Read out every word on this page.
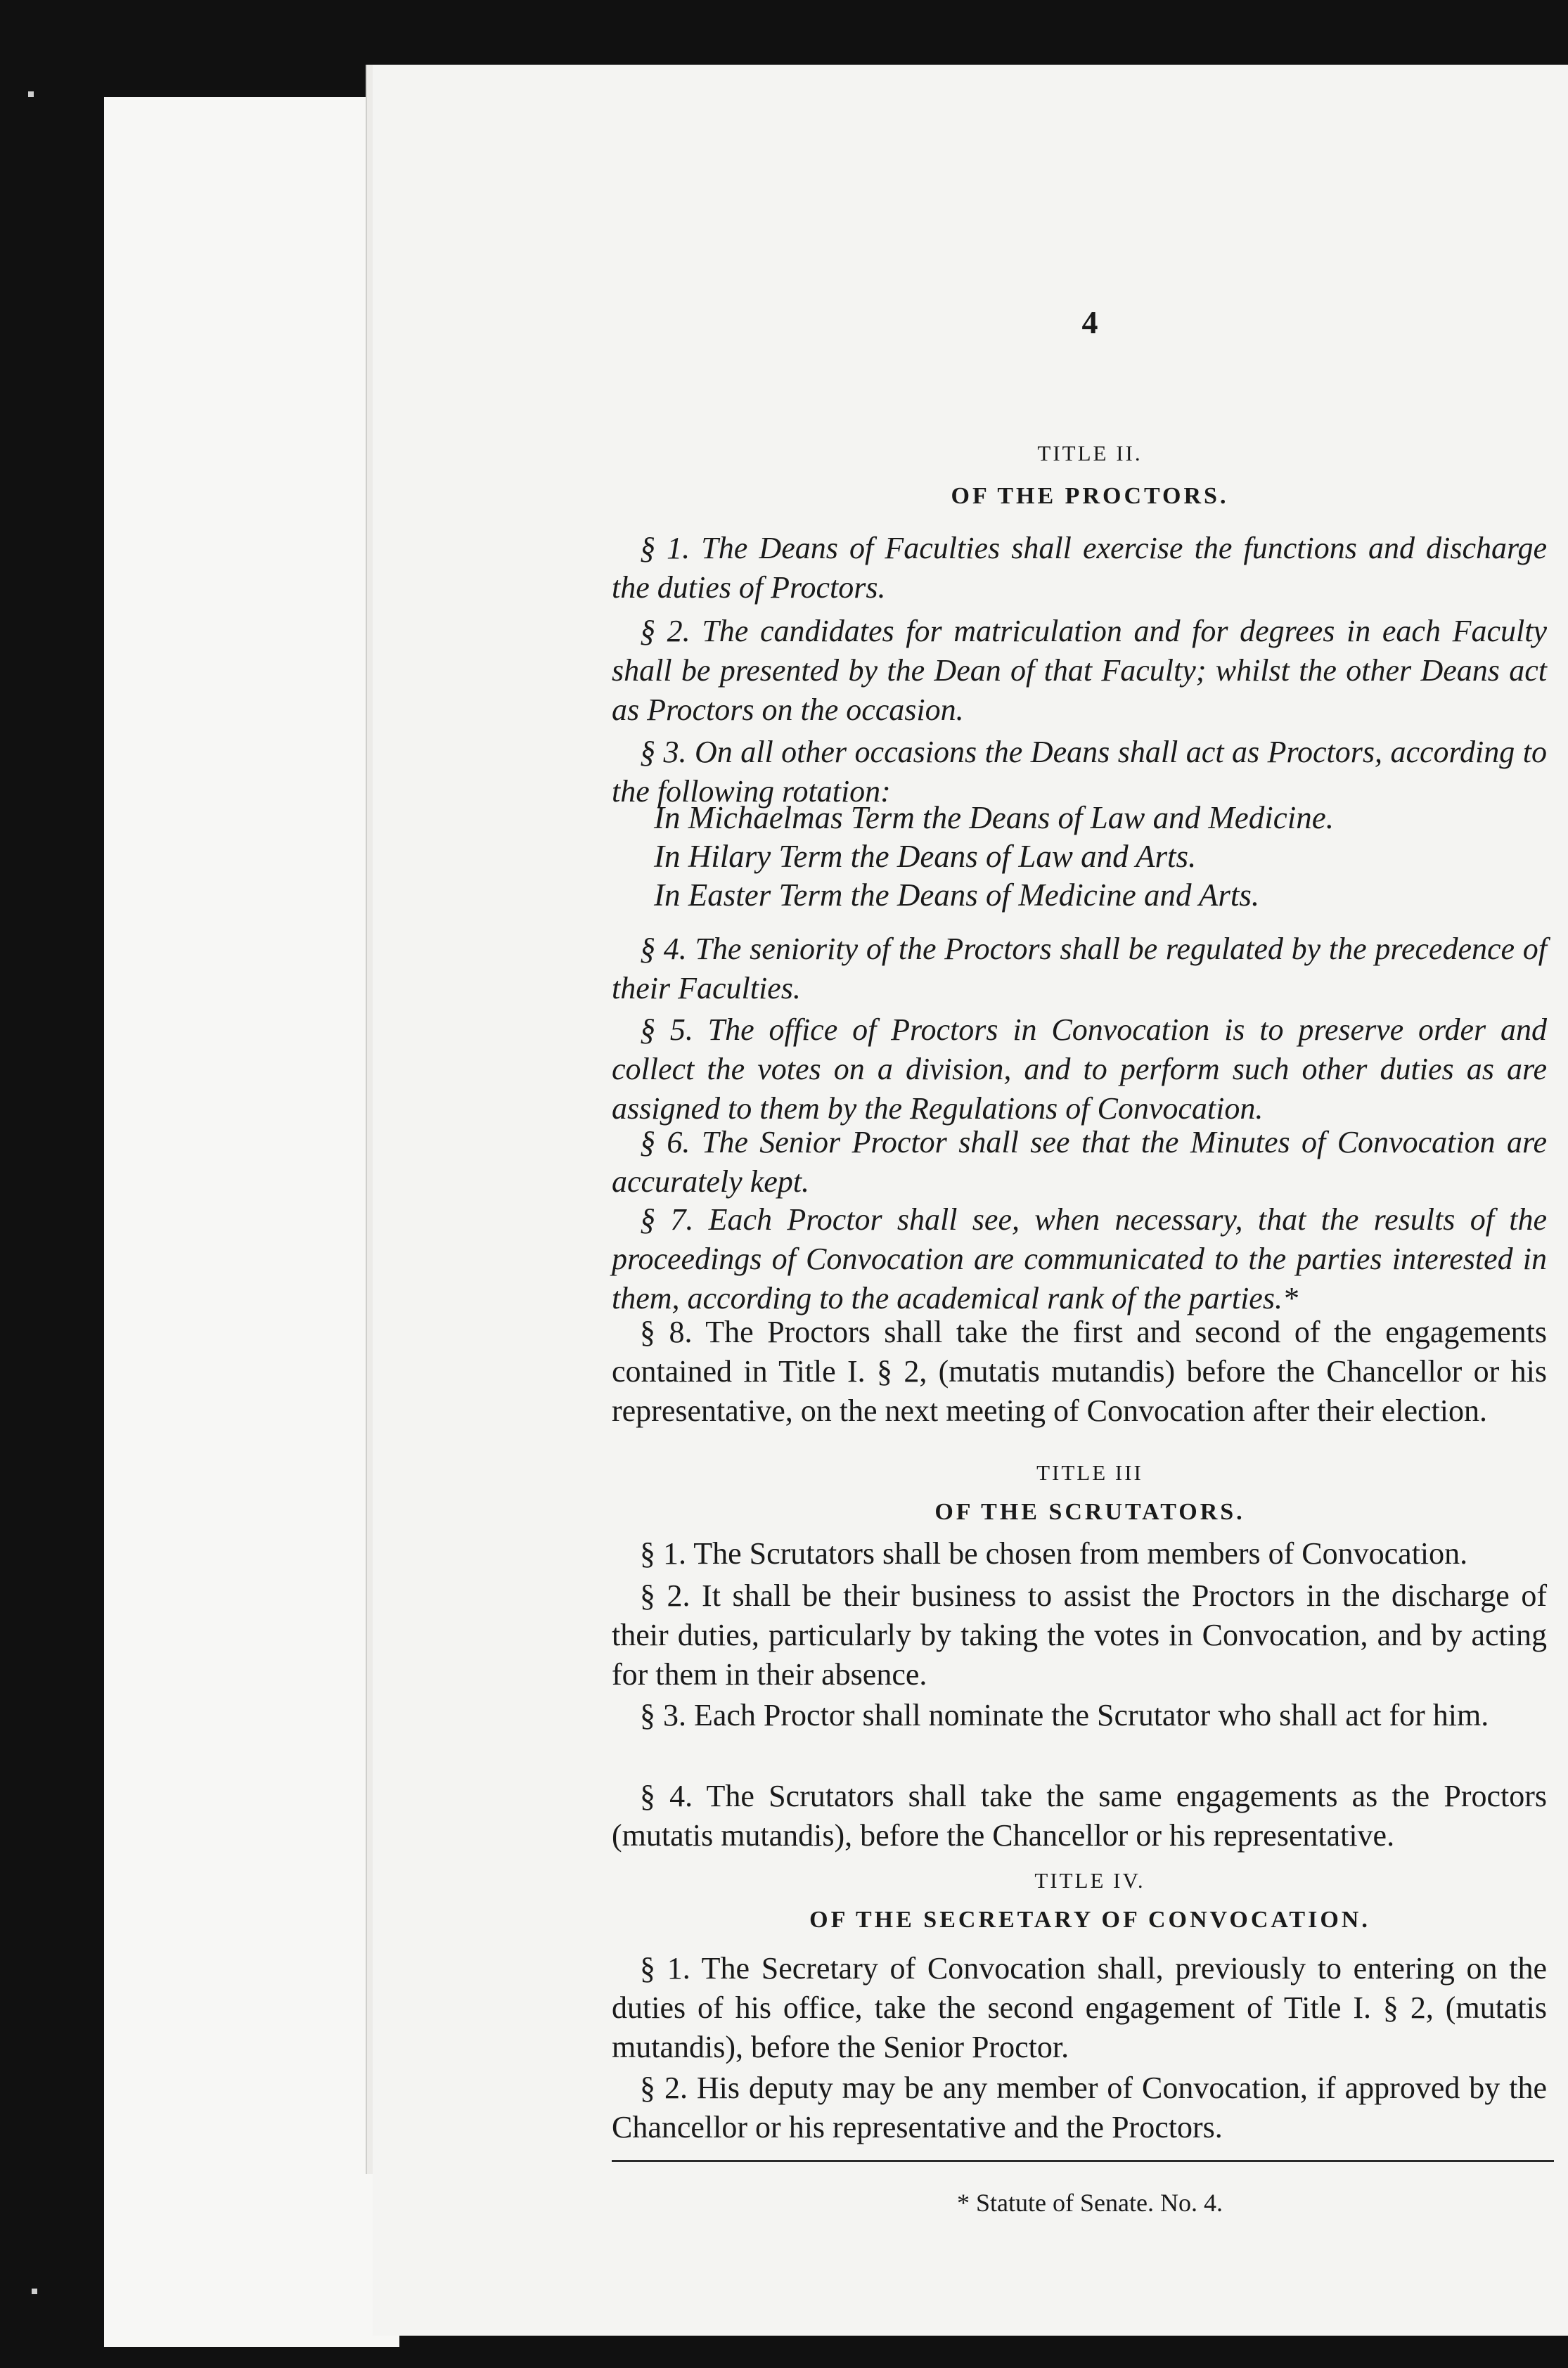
4
TITLE II.
OF THE PROCTORS.
§ 1. The Deans of Faculties shall exercise the functions and discharge the duties of Proctors.
§ 2. The candidates for matriculation and for degrees in each Faculty shall be presented by the Dean of that Faculty; whilst the other Deans act as Proctors on the occasion.
§ 3. On all other occasions the Deans shall act as Proctors, according to the following rotation:
In Michaelmas Term the Deans of Law and Medicine.
In Hilary Term the Deans of Law and Arts.
In Easter Term the Deans of Medicine and Arts.
§ 4. The seniority of the Proctors shall be regulated by the precedence of their Faculties.
§ 5. The office of Proctors in Convocation is to preserve order and collect the votes on a division, and to perform such other duties as are assigned to them by the Regulations of Convocation.
§ 6. The Senior Proctor shall see that the Minutes of Convocation are accurately kept.
§ 7. Each Proctor shall see, when necessary, that the results of the proceedings of Convocation are communicated to the parties interested in them, according to the academical rank of the parties.*
§ 8. The Proctors shall take the first and second of the engagements contained in Title I. § 2, (mutatis mutandis) before the Chancellor or his representative, on the next meeting of Convocation after their election.
TITLE III
OF THE SCRUTATORS.
§ 1. The Scrutators shall be chosen from members of Convocation.
§ 2. It shall be their business to assist the Proctors in the discharge of their duties, particularly by taking the votes in Convocation, and by acting for them in their absence.
§ 3. Each Proctor shall nominate the Scrutator who shall act for him.
§ 4. The Scrutators shall take the same engagements as the Proctors (mutatis mutandis), before the Chancellor or his representative.
TITLE IV.
OF THE SECRETARY OF CONVOCATION.
§ 1. The Secretary of Convocation shall, previously to entering on the duties of his office, take the second engagement of Title I. § 2, (mutatis mutandis), before the Senior Proctor.
§ 2. His deputy may be any member of Convocation, if approved by the Chancellor or his representative and the Proctors.
* Statute of Senate. No. 4.
